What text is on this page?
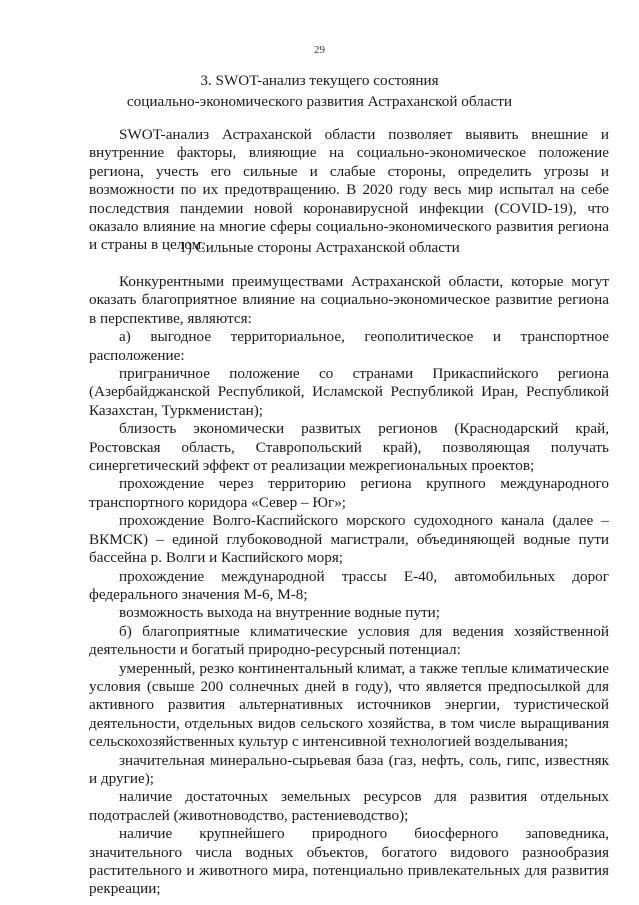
29
3. SWOT-анализ текущего состояния
социально-экономического развития Астраханской области

SWOT-анализ Астраханской области позволяет выявить внешние и внутренние факторы, влияющие на социально-экономическое положение региона, учесть его сильные и слабые стороны, определить угрозы и возможности по их предотвращению. В 2020 году весь мир испытал на себе последствия пандемии новой коронавирусной инфекции (COVID-19), что оказало влияние на многие сферы социально-экономического развития региона и страны в целом.

1) Сильные стороны Астраханской области

Конкурентными преимуществами Астраханской области, которые могут оказать благоприятное влияние на социально-экономическое развитие региона в перспективе, являются:

а) выгодное территориальное, геополитическое и транспортное расположение:

приграничное положение со странами Прикаспийского региона (Азербайджанской Республикой, Исламской Республикой Иран, Республикой Казахстан, Туркменистан);

близость экономически развитых регионов (Краснодарский край, Ростовская область, Ставропольский край), позволяющая получать синергетический эффект от реализации межрегиональных проектов;

прохождение через территорию региона крупного международного транспортного коридора «Север – Юг»;

прохождение Волго-Каспийского морского судоходного канала (далее – ВКМСК) – единой глубоководной магистрали, объединяющей водные пути бассейна р. Волги и Каспийского моря;

прохождение международной трассы Е-40, автомобильных дорог федерального значения М-6, М-8;

возможность выхода на внутренние водные пути;

б) благоприятные климатические условия для ведения хозяйственной деятельности и богатый природно-ресурсный потенциал:

умеренный, резко континентальный климат, а также теплые климатические условия (свыше 200 солнечных дней в году), что является предпосылкой для активного развития альтернативных источников энергии, туристической деятельности, отдельных видов сельского хозяйства, в том числе выращивания сельскохозяйственных культур с интенсивной технологией возделывания;

значительная минерально-сырьевая база (газ, нефть, соль, гипс, известняк и другие);

наличие достаточных земельных ресурсов для развития отдельных подотраслей (животноводство, растениеводство);

наличие крупнейшего природного биосферного заповедника, значительного числа водных объектов, богатого видового разнообразия растительного и животного мира, потенциально привлекательных для развития рекреации;
